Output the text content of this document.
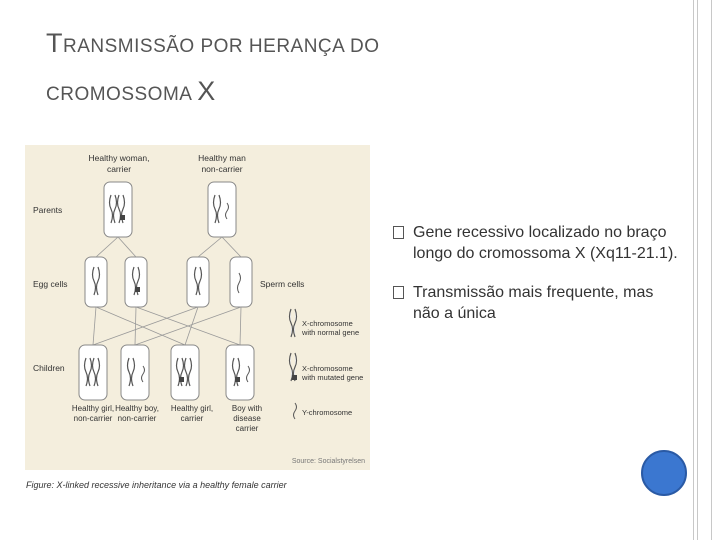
TRANSMISSÃO POR HERANÇA DO
CROMOSSOMA X
Healthy woman,
carrier
Healthy man
non-carrier
Parents
Egg cells	Sperm cells
Children
Healthy girl,
non-carrier
Healthy boy,
non-carrier
Healthy girl,
carrier
Boy with
disease
carrier
X-chromosome
with normal gene
X-chromosome
with mutated gene
Y-chromosome
Source: Socialstyrelsen
Figure: X-linked recessive inheritance via a healthy female carrier
Gene recessivo localizado no braço longo do cromossoma X (Xq11-21.1).
Transmissão mais frequente, mas não a única
